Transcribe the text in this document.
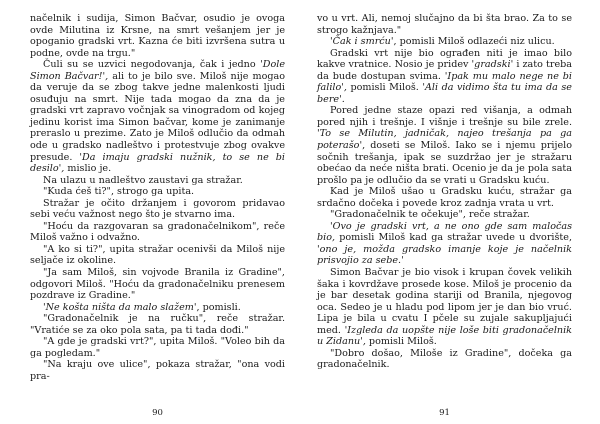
načelnik i sudija, Simon Bačvar, osudio je ovoga ovde Milutina iz Krsne, na smrt vešanjem jer je opoganio gradski vrt. Kazna će biti izvršena sutra u podne, ovde na trgu."

Čuli su se uzvici negodovanja, čak i jedno 'Dole Simon Bačvar!', ali to je bilo sve. Miloš nije mogao da veruje da se zbog takve jedne malenkosti ljudi osuđuju na smrt. Nije tada mogao da zna da je gradski vrt zapravo vočnjak sa vinogradom od kojeg jedinu korist ima Simon bačvar, kome je zanimanje preraslo u prezime. Zato je Miloš odlučio da odmah ode u gradsko nadleštvo i protestvuje zbog ovakve presude. 'Da imaju gradski nužnik, to se ne bi desilo', mislio je.

Na ulazu u nadleštvo zaustavi ga stražar.

"Kuda ćeš ti?", strogo ga upita.

Stražar je očito držanjem i govorom pridavao sebi veću važnost nego što je stvarno ima.

"Hoću da razgovaran sa gradonačelnikom", reče Miloš važno i odvažno.

"A ko si ti?", upita stražar ocenivši da Miloš nije seljače iz okoline.

"Ja sam Miloš, sin vojvode Branila iz Gradine", odgovori Miloš. "Hoću da gradonačelniku prenesem pozdrave iz Gradine."

'Ne košta ništa da malo slažem', pomisli.

"Gradonačelnik je na ručku", reče stražar. "Vratiće se za oko pola sata, pa ti tada dođi."

"A gde je gradski vrt?", upita Miloš. "Voleo bih da ga pogledam."

"Na kraju ove ulice", pokaza stražar, "ona vodi pra-

90

vo u vrt. Ali, nemoj slučajno da bi šta brao. Za to se strogo kažnjava."

'Čak i smrću', pomisli Miloš odlazeći niz ulicu.

Gradski vrt nije bio ograđen niti je imao bilo kakve vratnice. Nosio je pridev 'gradski' i zato treba da bude dostupan svima. 'Ipak mu malo nege ne bi falilo', pomisli Miloš. 'Ali da vidimo šta tu ima da se bere'.

Pored jedne staze opazi red višanja, a odmah pored njih i trešnje. I višnje i trešnje su bile zrele. 'To se Milutin, jadničak, najeo trešanja pa ga poterašo', doseti se Miloš. Iako se i njemu prijelo sočnih trešanja, ipak se suzdržao jer je stražaru obećao da neće ništa brati. Ocenio je da je pola sata prošlo pa je odlučio da se vrati u Gradsku kuću.

Kad je Miloš ušao u Gradsku kuću, stražar ga srdačno dočeka i povede kroz zadnja vrata u vrt.

"Gradonačelnik te očekuje", reče stražar.

'Ovo je gradski vrt, a ne ono gde sam maločas bio, pomisli Miloš kad ga stražar uvede u dvorište, 'ono je, možda gradsko imanje koje je načelnik prisvojio za sebe.'

Simon Bačvar je bio visok i krupan čovek velikih šaka i kovrdžave prosede kose. Miloš je procenio da je bar desetak godina stariji od Branila, njegovog oca. Sedeo je u hladu pod lipom jer je dan bio vruć. Lipa je bila u cvatu I pčele su zujale sakupljajući med. 'Izgleda da uopšte nije loše biti gradonačelnik u Zidanu', pomisli Miloš.

"Dobro došao, Miloše iz Gradine", dočeka ga gradonačelnik.

91
